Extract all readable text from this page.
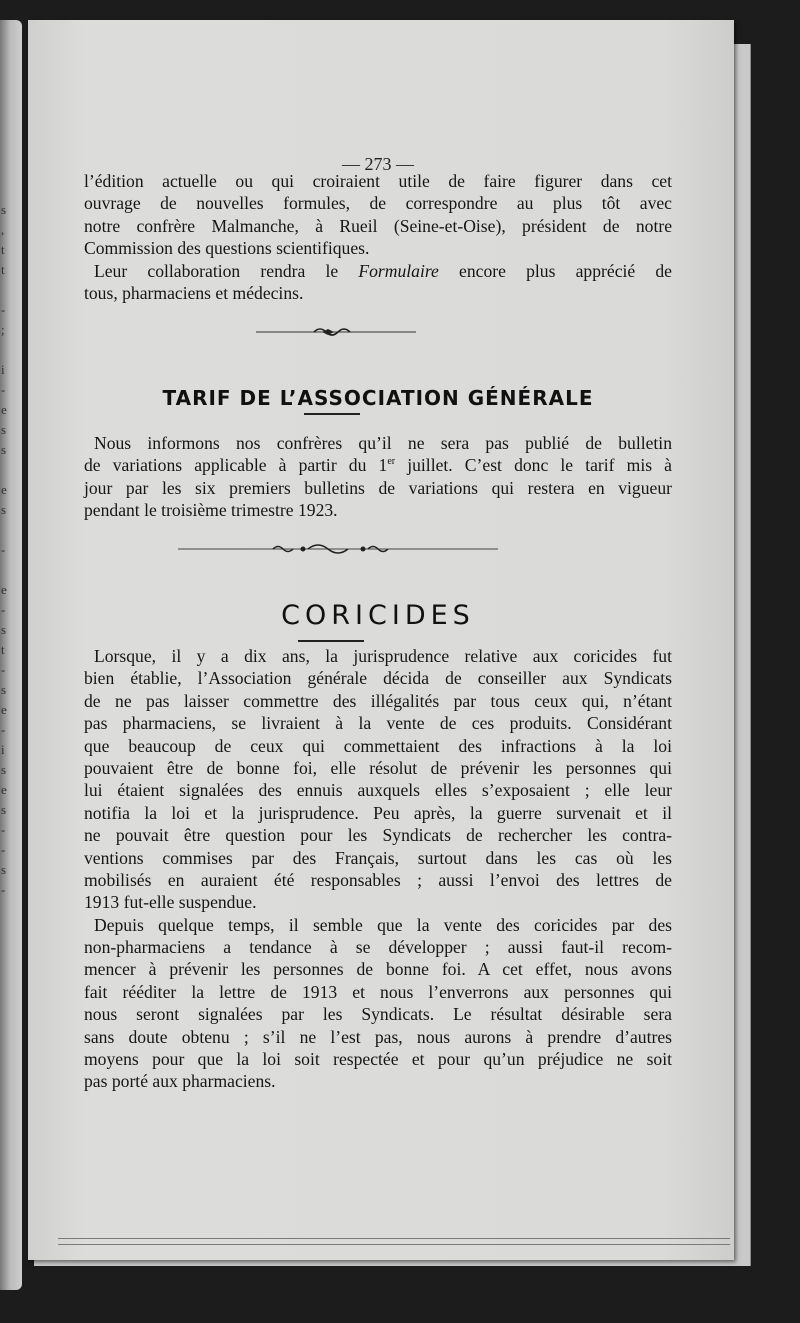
s
,
t
t

-
;

i
-
e
s
s

e
s

-

e
-
s
t
-
s
e
-
i
s
e
s
-
-
s
-
— 273 —

l’édition actuelle ou qui croiraient utile de faire figurer dans cet

ouvrage de nouvelles formules, de correspondre au plus tôt avec

notre confrère Malmanche, à Rueil (Seine-et-Oise), président de notre

Commission des questions scientifiques.

Leur collaboration rendra le Formulaire encore plus apprécié de

tous, pharmaciens et médecins.

TARIF DE L’ASSOCIATION GÉNÉRALE

Nous informons nos confrères qu’il ne sera pas publié de bulletin

de variations applicable à partir du 1er juillet. C’est donc le tarif mis à

jour par les six premiers bulletins de variations qui restera en vigueur

pendant le troisième trimestre 1923.

CORICIDES

Lorsque, il y a dix ans, la jurisprudence relative aux coricides fut

bien établie, l’Association générale décida de conseiller aux Syndicats

de ne pas laisser commettre des illégalités par tous ceux qui, n’étant

pas pharmaciens, se livraient à la vente de ces produits. Considérant

que beaucoup de ceux qui commettaient des infractions à la loi

pouvaient être de bonne foi, elle résolut de prévenir les personnes qui

lui étaient signalées des ennuis auxquels elles s’exposaient ; elle leur

notifia la loi et la jurisprudence. Peu après, la guerre survenait et il

ne pouvait être question pour les Syndicats de rechercher les contra-

ventions commises par des Français, surtout dans les cas où les

mobilisés en auraient été responsables ; aussi l’envoi des lettres de

1913 fut-elle suspendue.

Depuis quelque temps, il semble que la vente des coricides par des

non-pharmaciens a tendance à se développer ; aussi faut-il recom-

mencer à prévenir les personnes de bonne foi. A cet effet, nous avons

fait rééditer la lettre de 1913 et nous l’enverrons aux personnes qui

nous seront signalées par les Syndicats. Le résultat désirable sera

sans doute obtenu ; s’il ne l’est pas, nous aurons à prendre d’autres

moyens pour que la loi soit respectée et pour qu’un préjudice ne soit

pas porté aux pharmaciens.
